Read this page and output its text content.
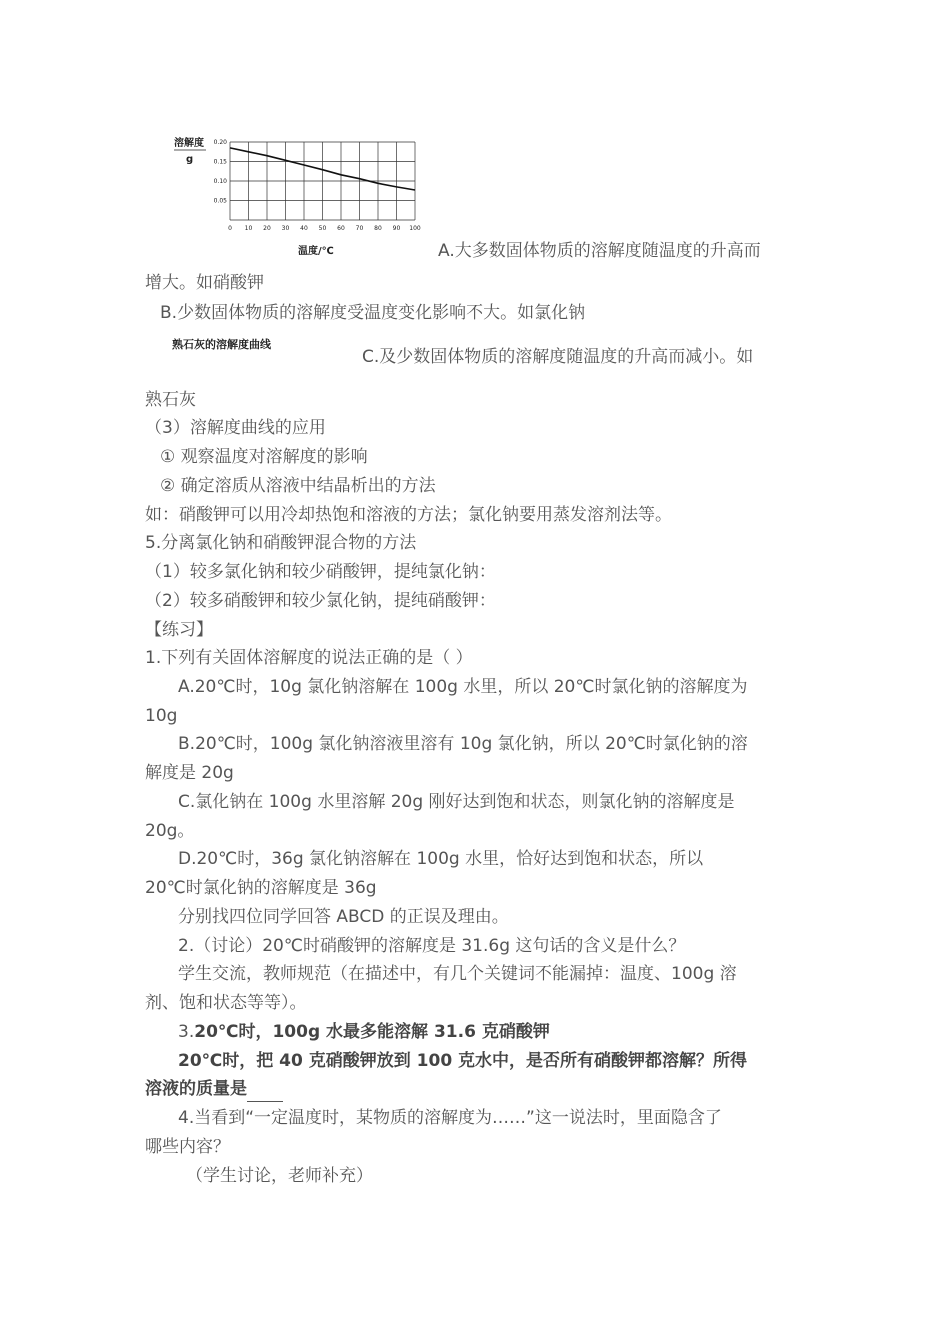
0.05
0.10
0.15
0.20
0 10 20 30 40 50 60 70 80 90 100
溶解度
g
温度/℃
熟石灰的溶解度曲线
A.大多数固体物质的溶解度随温度的升高而
增大。如硝酸钾
B.少数固体物质的溶解度受温度变化影响不大。如氯化钠
C.及少数固体物质的溶解度随温度的升高而减小。如
熟石灰
（3）溶解度曲线的应用
① 观察温度对溶解度的影响
② 确定溶质从溶液中结晶析出的方法
如：硝酸钾可以用冷却热饱和溶液的方法；氯化钠要用蒸发溶剂法等。
5.分离氯化钠和硝酸钾混合物的方法
（1）较多氯化钠和较少硝酸钾，提纯氯化钠：
（2）较多硝酸钾和较少氯化钠，提纯硝酸钾：
【练习】
1.下列有关固体溶解度的说法正确的是（ ）
A.20℃时，10g 氯化钠溶解在 100g 水里，所以 20℃时氯化钠的溶解度为
10g
B.20℃时，100g 氯化钠溶液里溶有 10g 氯化钠，所以 20℃时氯化钠的溶
解度是 20g
C.氯化钠在 100g 水里溶解 20g 刚好达到饱和状态，则氯化钠的溶解度是
20g。
D.20℃时，36g 氯化钠溶解在 100g 水里，恰好达到饱和状态，所以
20℃时氯化钠的溶解度是 36g
分别找四位同学回答 ABCD 的正误及理由。
2.（讨论）20℃时硝酸钾的溶解度是 31.6g 这句话的含义是什么？
学生交流，教师规范（在描述中，有几个关键词不能漏掉：温度、100g 溶
剂、饱和状态等等）。
3.20℃时，100g 水最多能溶解 31.6 克硝酸钾
20℃时，把 40 克硝酸钾放到 100 克水中，是否所有硝酸钾都溶解？所得
溶液的质量是
4.当看到“一定温度时，某物质的溶解度为……”这一说法时，里面隐含了
哪些内容？
（学生讨论，老师补充）
